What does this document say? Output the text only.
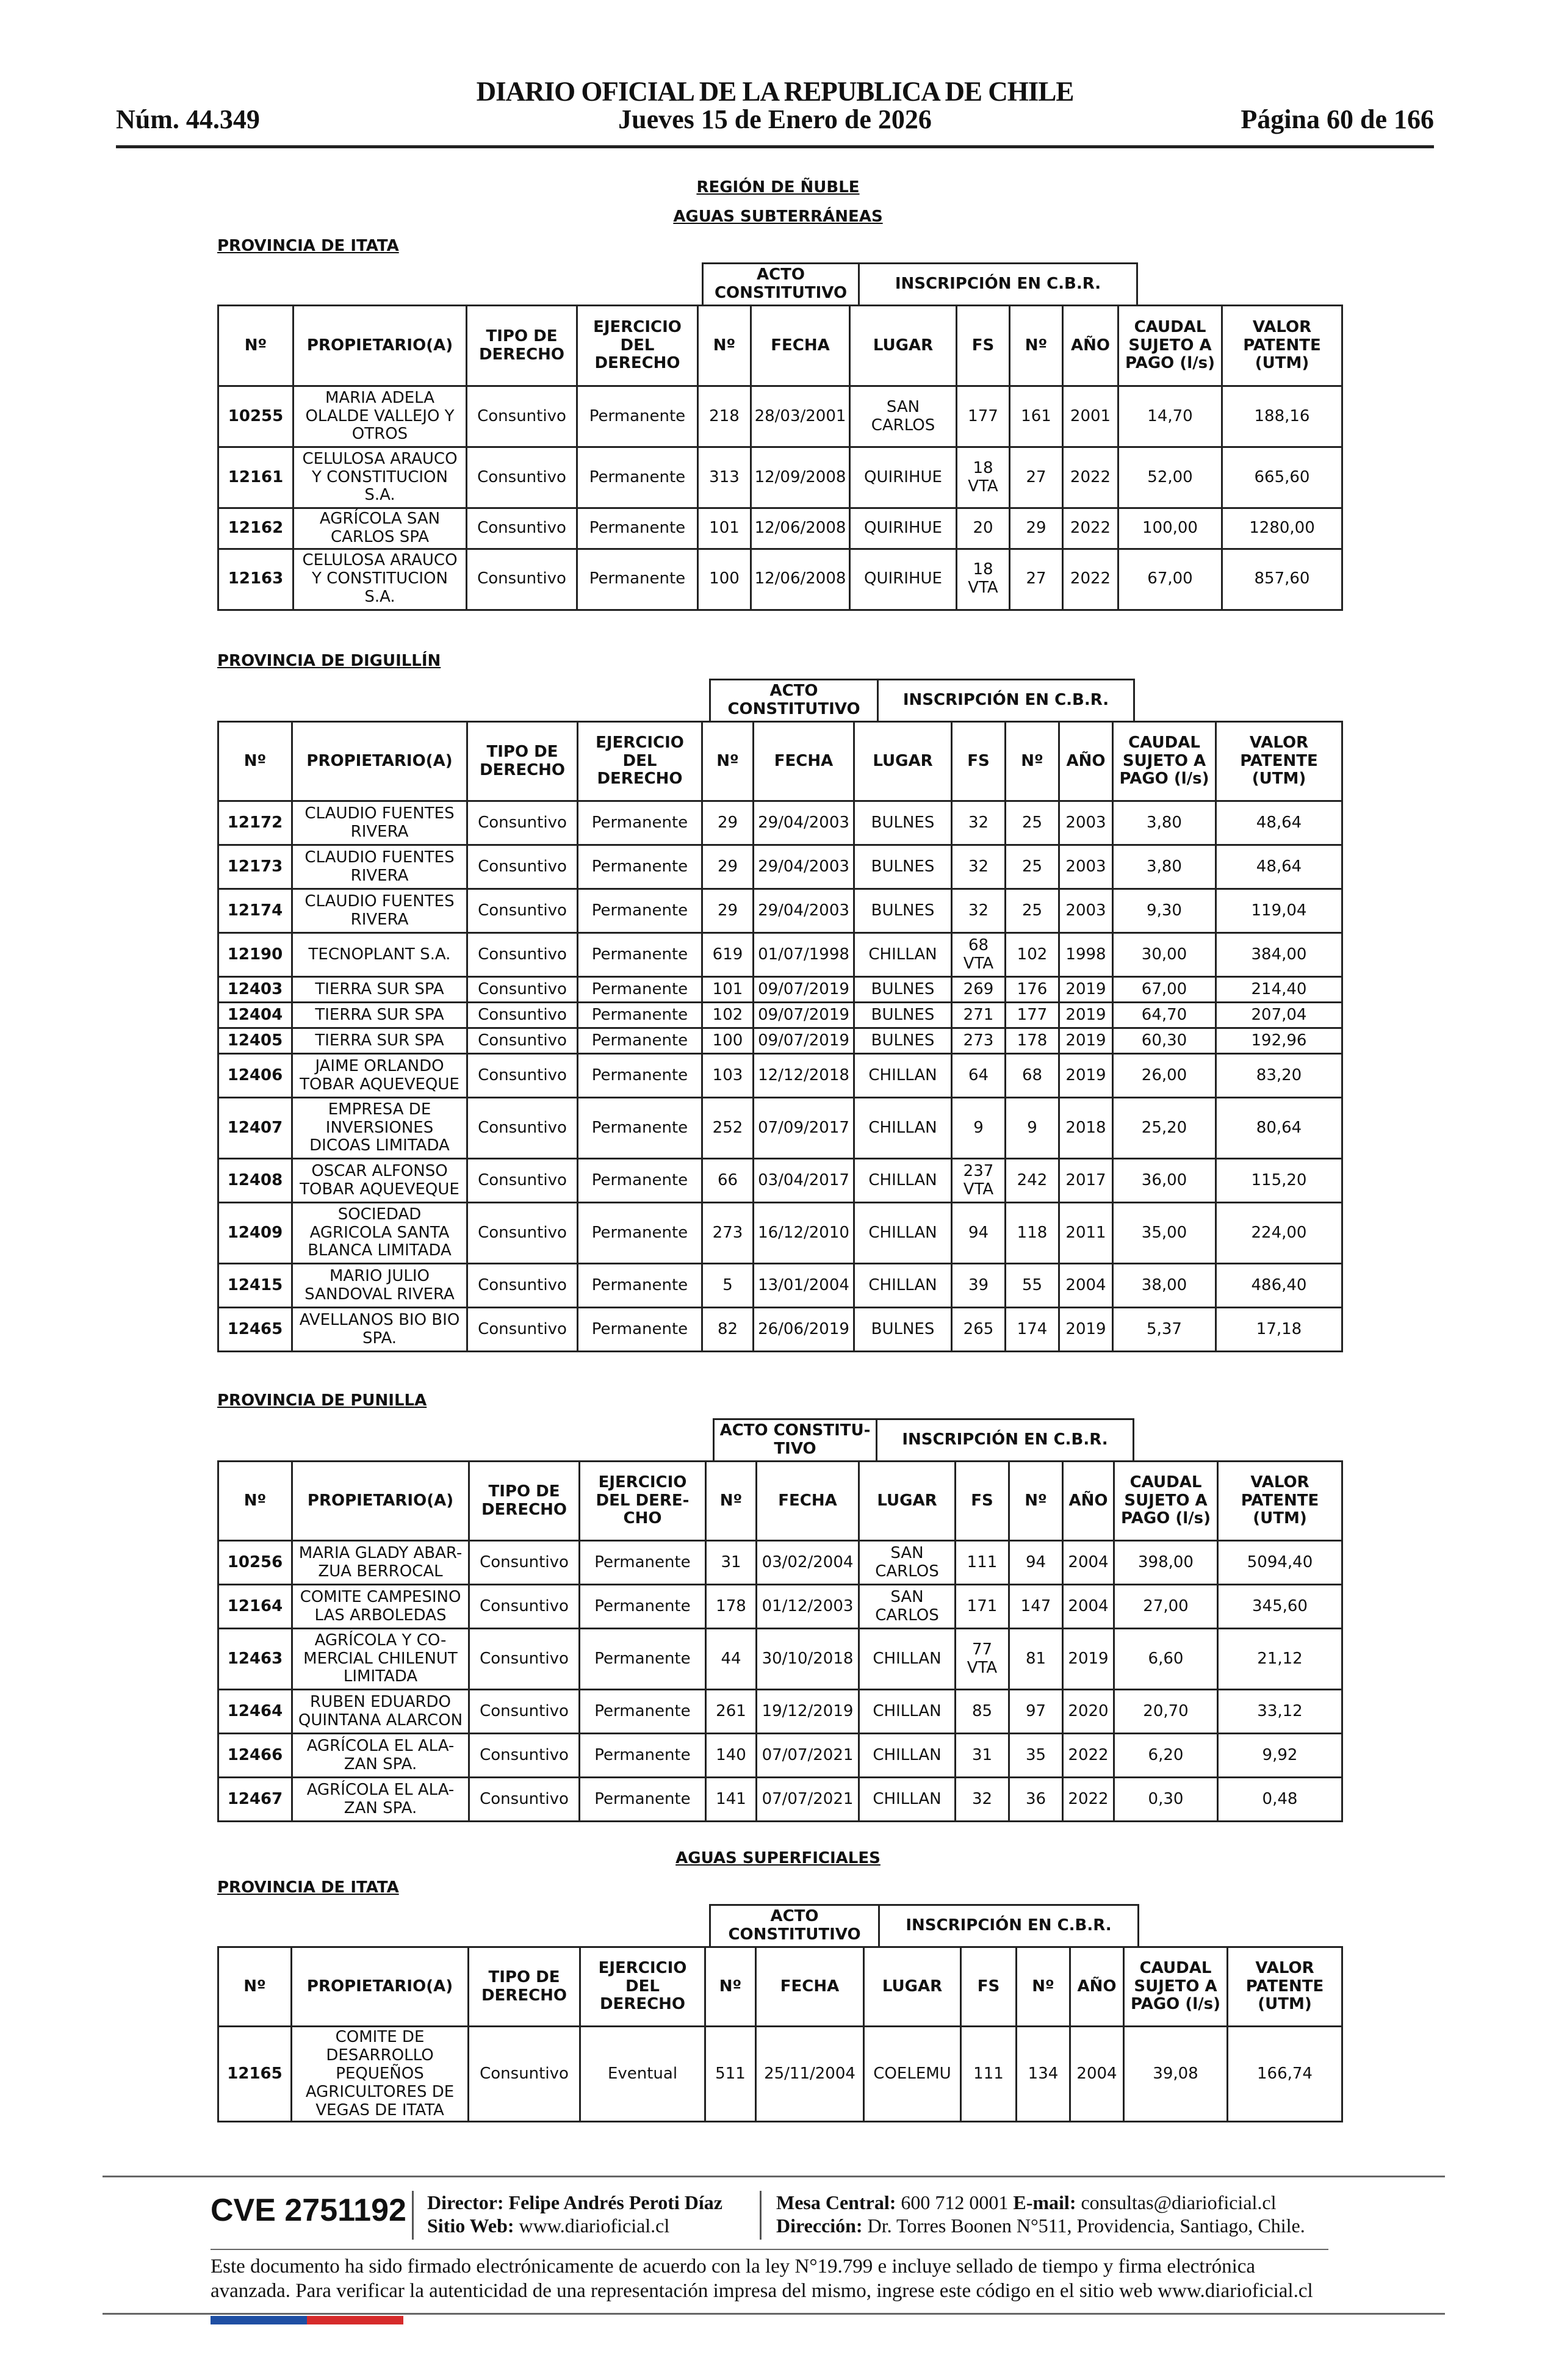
Núm. 44.349
DIARIO OFICIAL DE LA REPUBLICA DE CHILE
Jueves 15 de Enero de 2026	Página 60 de 166
REGIÓN DE ÑUBLE
AGUAS SUBTERRÁNEAS
PROVINCIA DE ITATA
ACTO CONSTITUTIVO	INSCRIPCIÓN EN C.B.R.
Nº	PROPIETARIO(A)	TIPO DE DERECHO	EJERCICIO DEL DERECHO	Nº	FECHA	LUGAR	FS	Nº	AÑO	CAUDAL SUJETO A PAGO (l/s)	VALOR PATENTE (UTM)
10255	MARIA ADELA OLALDE VALLEJO Y OTROS	Consuntivo	Permanente	218	28/03/2001	SAN CARLOS	177	161	2001	14,70	188,16
12161	CELULOSA ARAUCO Y CONSTITUCION S.A.	Consuntivo	Permanente	313	12/09/2008	QUIRIHUE	18 VTA	27	2022	52,00	665,60
12162	AGRÍCOLA SAN CARLOS SPA	Consuntivo	Permanente	101	12/06/2008	QUIRIHUE	20	29	2022	100,00	1280,00
12163	CELULOSA ARAUCO Y CONSTITUCION S.A.	Consuntivo	Permanente	100	12/06/2008	QUIRIHUE	18 VTA	27	2022	67,00	857,60
PROVINCIA DE DIGUILLÍN
ACTO CONSTITUTIVO	INSCRIPCIÓN EN C.B.R.
Nº	PROPIETARIO(A)	TIPO DE DERECHO	EJERCICIO DEL DERECHO	Nº	FECHA	LUGAR	FS	Nº	AÑO	CAUDAL SUJETO A PAGO (l/s)	VALOR PATENTE (UTM)
12172	CLAUDIO FUENTES RIVERA	Consuntivo	Permanente	29	29/04/2003	BULNES	32	25	2003	3,80	48,64
12173	CLAUDIO FUENTES RIVERA	Consuntivo	Permanente	29	29/04/2003	BULNES	32	25	2003	3,80	48,64
12174	CLAUDIO FUENTES RIVERA	Consuntivo	Permanente	29	29/04/2003	BULNES	32	25	2003	9,30	119,04
12190	TECNOPLANT S.A.	Consuntivo	Permanente	619	01/07/1998	CHILLAN	68 VTA	102	1998	30,00	384,00
12403	TIERRA SUR SPA	Consuntivo	Permanente	101	09/07/2019	BULNES	269	176	2019	67,00	214,40
12404	TIERRA SUR SPA	Consuntivo	Permanente	102	09/07/2019	BULNES	271	177	2019	64,70	207,04
12405	TIERRA SUR SPA	Consuntivo	Permanente	100	09/07/2019	BULNES	273	178	2019	60,30	192,96
12406	JAIME ORLANDO TOBAR AQUEVEQUE	Consuntivo	Permanente	103	12/12/2018	CHILLAN	64	68	2019	26,00	83,20
12407	EMPRESA DE INVERSIONES DICOAS LIMITADA	Consuntivo	Permanente	252	07/09/2017	CHILLAN	9	9	2018	25,20	80,64
12408	OSCAR ALFONSO TOBAR AQUEVEQUE	Consuntivo	Permanente	66	03/04/2017	CHILLAN	237 VTA	242	2017	36,00	115,20
12409	SOCIEDAD AGRICOLA SANTA BLANCA LIMITADA	Consuntivo	Permanente	273	16/12/2010	CHILLAN	94	118	2011	35,00	224,00
12415	MARIO JULIO SANDOVAL RIVERA	Consuntivo	Permanente	5	13/01/2004	CHILLAN	39	55	2004	38,00	486,40
12465	AVELLANOS BIO BIO SPA.	Consuntivo	Permanente	82	26/06/2019	BULNES	265	174	2019	5,37	17,18
PROVINCIA DE PUNILLA
ACTO CONSTITU- TIVO	INSCRIPCIÓN EN C.B.R.
Nº	PROPIETARIO(A)	TIPO DE DERECHO	EJERCICIO DEL DERE- CHO	Nº	FECHA	LUGAR	FS	Nº	AÑO	CAUDAL SUJETO A PAGO (l/s)	VALOR PATENTE (UTM)
10256	MARIA GLADY ABAR- ZUA BERROCAL	Consuntivo	Permanente	31	03/02/2004	SAN CARLOS	111	94	2004	398,00	5094,40
12164	COMITE CAMPESINO LAS ARBOLEDAS	Consuntivo	Permanente	178	01/12/2003	SAN CARLOS	171	147	2004	27,00	345,60
12463	AGRÍCOLA Y CO- MERCIAL CHILENUT LIMITADA	Consuntivo	Permanente	44	30/10/2018	CHILLAN	77 VTA	81	2019	6,60	21,12
12464	RUBEN EDUARDO QUINTANA ALARCON	Consuntivo	Permanente	261	19/12/2019	CHILLAN	85	97	2020	20,70	33,12
12466	AGRÍCOLA EL ALA- ZAN SPA.	Consuntivo	Permanente	140	07/07/2021	CHILLAN	31	35	2022	6,20	9,92
12467	AGRÍCOLA EL ALA- ZAN SPA.	Consuntivo	Permanente	141	07/07/2021	CHILLAN	32	36	2022	0,30	0,48
AGUAS SUPERFICIALES
PROVINCIA DE ITATA
ACTO CONSTITUTIVO	INSCRIPCIÓN EN C.B.R.
Nº	PROPIETARIO(A)	TIPO DE DERECHO	EJERCICIO DEL DERECHO	Nº	FECHA	LUGAR	FS	Nº	AÑO	CAUDAL SUJETO A PAGO (l/s)	VALOR PATENTE (UTM)
12165	COMITE DE DESARROLLO PEQUEÑOS AGRICULTORES DE VEGAS DE ITATA	Consuntivo	Eventual	511	25/11/2004	COELEMU	111	134	2004	39,08	166,74
CVE 2751192 Director: Felipe Andrés Peroti Díaz
Sitio Web: www.diarioficial.cl
Mesa Central: 600 712 0001 E-mail: consultas@diarioficial.cl
Dirección: Dr. Torres Boonen N°511, Providencia, Santiago, Chile.
Este documento ha sido firmado electrónicamente de acuerdo con la ley N°19.799 e incluye sellado de tiempo y firma electrónica
avanzada. Para verificar la autenticidad de una representación impresa del mismo, ingrese este código en el sitio web www.diarioficial.cl
